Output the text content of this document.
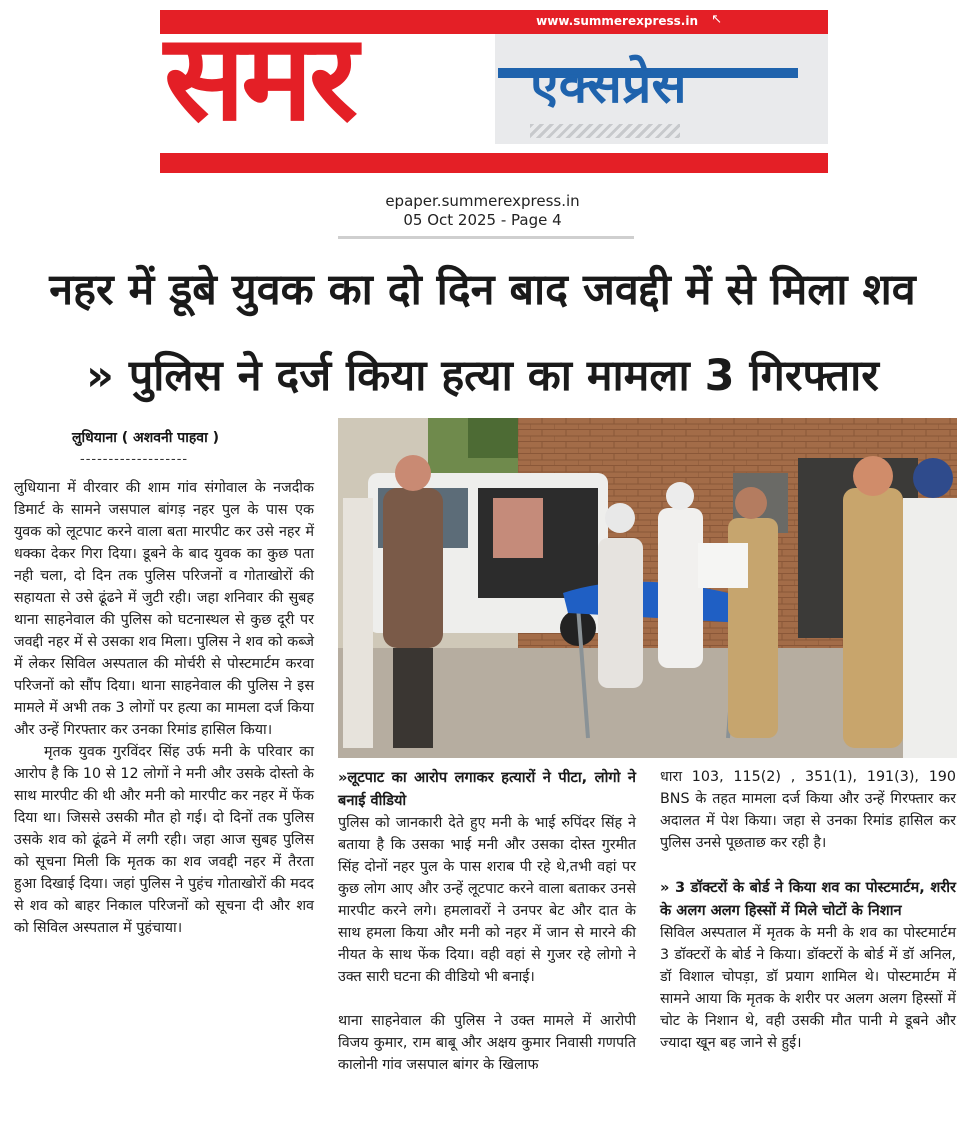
समर	एक्सप्रेस
www.summerexpress.in ↖
epaper.summerexpress.in
05 Oct 2025 - Page 4
नहर में डूबे युवक का दो दिन बाद जवद्दी में से मिला शव
» पुलिस ने दर्ज किया हत्या का मामला 3 गिरफ्तार
लुधियाना ( अशवनी पाहवा )
-------------------

लुधियाना में वीरवार की शाम गांव संगोवाल के नजदीक डिमार्ट के सामने जसपाल बांगड़ नहर पुल के पास एक युवक को लूटपाट करने वाला बता मारपीट कर उसे नहर में धक्का देकर गिरा दिया। डूबने के बाद युवक का कुछ पता नही चला, दो दिन तक पुलिस परिजनों व गोताखोरों की सहायता से उसे ढूंढने में जुटी रही। जहा शनिवार की सुबह थाना साहनेवाल की पुलिस को घटनास्थल से कुछ दूरी पर जवद्दी नहर में से उसका शव मिला। पुलिस ने शव को कब्जे में लेकर सिविल अस्पताल की मोर्चरी से पोस्टमार्टम करवा परिजनों को सौंप दिया। थाना साहनेवाल की पुलिस ने इस मामले में अभी तक 3 लोगों पर हत्या का मामला दर्ज किया और उन्हें गिरफ्तार कर उनका रिमांड हासिल किया।

मृतक युवक गुरविंदर सिंह उर्फ मनी के परिवार का आरोप है कि 10 से 12 लोगों ने मनी और उसके दोस्तो के साथ मारपीट की थी और मनी को मारपीट कर नहर में फेंक दिया था। जिससे उसकी मौत हो गई। दो दिनों तक पुलिस उसके शव को ढूंढने में लगी रही। जहा आज सुबह पुलिस को सूचना मिली कि मृतक का शव जवद्दी नहर में तैरता हुआ दिखाई दिया। जहां पुलिस ने पुहंच गोताखोरों की मदद से शव को बाहर निकाल परिजनों को सूचना दी और शव को सिविल अस्पताल में पुहंचाया।

»लूटपाट का आरोप लगाकर हत्यारों ने पीटा, लोगो ने बनाई वीडियो

पुलिस को जानकारी देते हुए मनी के भाई रुपिंदर सिंह ने बताया है कि उसका भाई मनी और उसका दोस्त गुरमीत सिंह दोनों नहर पुल के पास शराब पी रहे थे,तभी वहां पर कुछ लोग आए और उन्हें लूटपाट करने वाला बताकर उनसे मारपीट करने लगे। हमलावरों ने उनपर बेट और दात के साथ हमला किया और मनी को नहर में जान से मारने की नीयत के साथ फेंक दिया। वही वहां से गुजर रहे लोगो ने उक्त सारी घटना की वीडियो भी बनाई।

थाना साहनेवाल की पुलिस ने उक्त मामले में आरोपी विजय कुमार, राम बाबू और अक्षय कुमार निवासी गणपति कालोनी गांव जसपाल बांगर के खिलाफ

धारा 103, 115(2) , 351(1), 191(3), 190 BNS के तहत मामला दर्ज किया और उन्हें गिरफ्तार कर अदालत में पेश किया। जहा से उनका रिमांड हासिल कर पुलिस उनसे पूछताछ कर रही है।

» 3 डॉक्टरों के बोर्ड ने किया शव का पोस्टमार्टम, शरीर के अलग अलग हिस्सों में मिले चोटों के निशान

सिविल अस्पताल में मृतक के मनी के शव का पोस्टमार्टम 3 डॉक्टरों के बोर्ड ने किया। डॉक्टरों के बोर्ड में डॉ अनिल, डॉ विशाल चोपड़ा, डॉ प्रयाग शामिल थे। पोस्टमार्टम में सामने आया कि मृतक के शरीर पर अलग अलग हिस्सों में चोट के निशान थे, वही उसकी मौत पानी मे डूबने और ज्यादा खून बह जाने से हुई।
